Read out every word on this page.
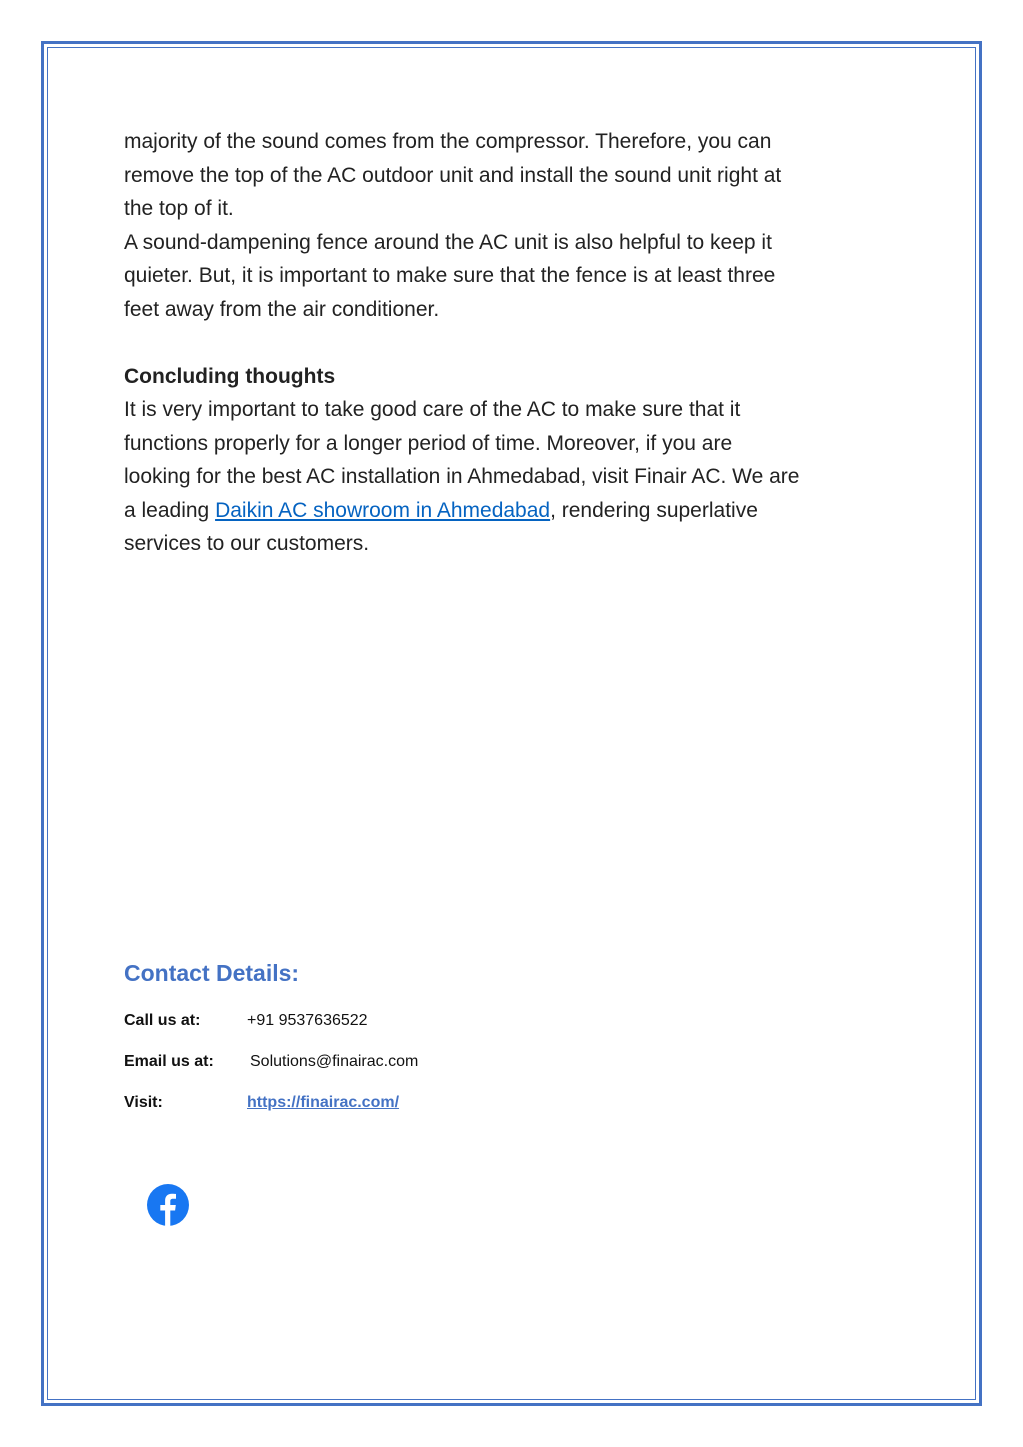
majority of the sound comes from the compressor. Therefore, you can

remove the top of the AC outdoor unit and install the sound unit right at

the top of it.

A sound-dampening fence around the AC unit is also helpful to keep it

quieter. But, it is important to make sure that the fence is at least three

feet away from the air conditioner.

Concluding thoughts

It is very important to take good care of the AC to make sure that it

functions properly for a longer period of time. Moreover, if you are

looking for the best AC installation in Ahmedabad, visit Finair AC. We are

a leading Daikin AC showroom in Ahmedabad, rendering superlative

services to our customers.

Contact Details:
Call us at:	+91 9537636522
Email us at: Solutions@finairac.com
Visit:	https://finairac.com/
